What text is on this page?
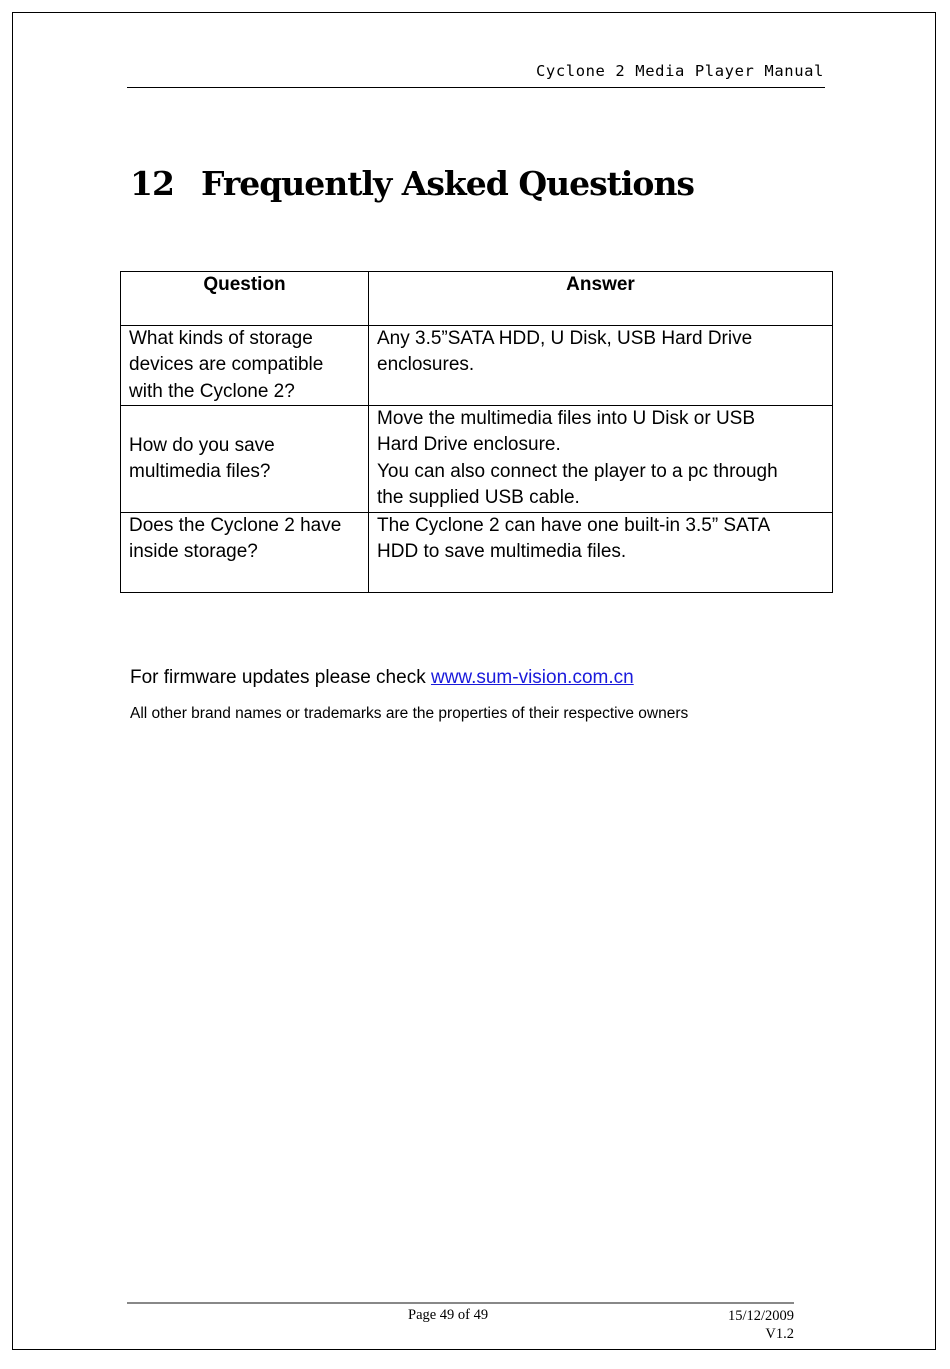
Cyclone 2 Media Player Manual
12 Frequently Asked Questions
Question	Answer

What kinds of storage
devices are compatible
with the Cyclone 2?	Any 3.5”SATA HDD, U Disk, USB Hard Drive
enclosures.

How do you save
multimedia files?	Move the multimedia files into U Disk or USB
Hard Drive enclosure.
You can also connect the player to a pc through
the supplied USB cable.

Does the Cyclone 2 have
inside storage?	The Cyclone 2 can have one built-in 3.5” SATA
HDD to save multimedia files.
For firmware updates please check www.sum-vision.com.cn
All other brand names or trademarks are the properties of their respective owners
Page 49 of 49	15/12/2009
V1.2
